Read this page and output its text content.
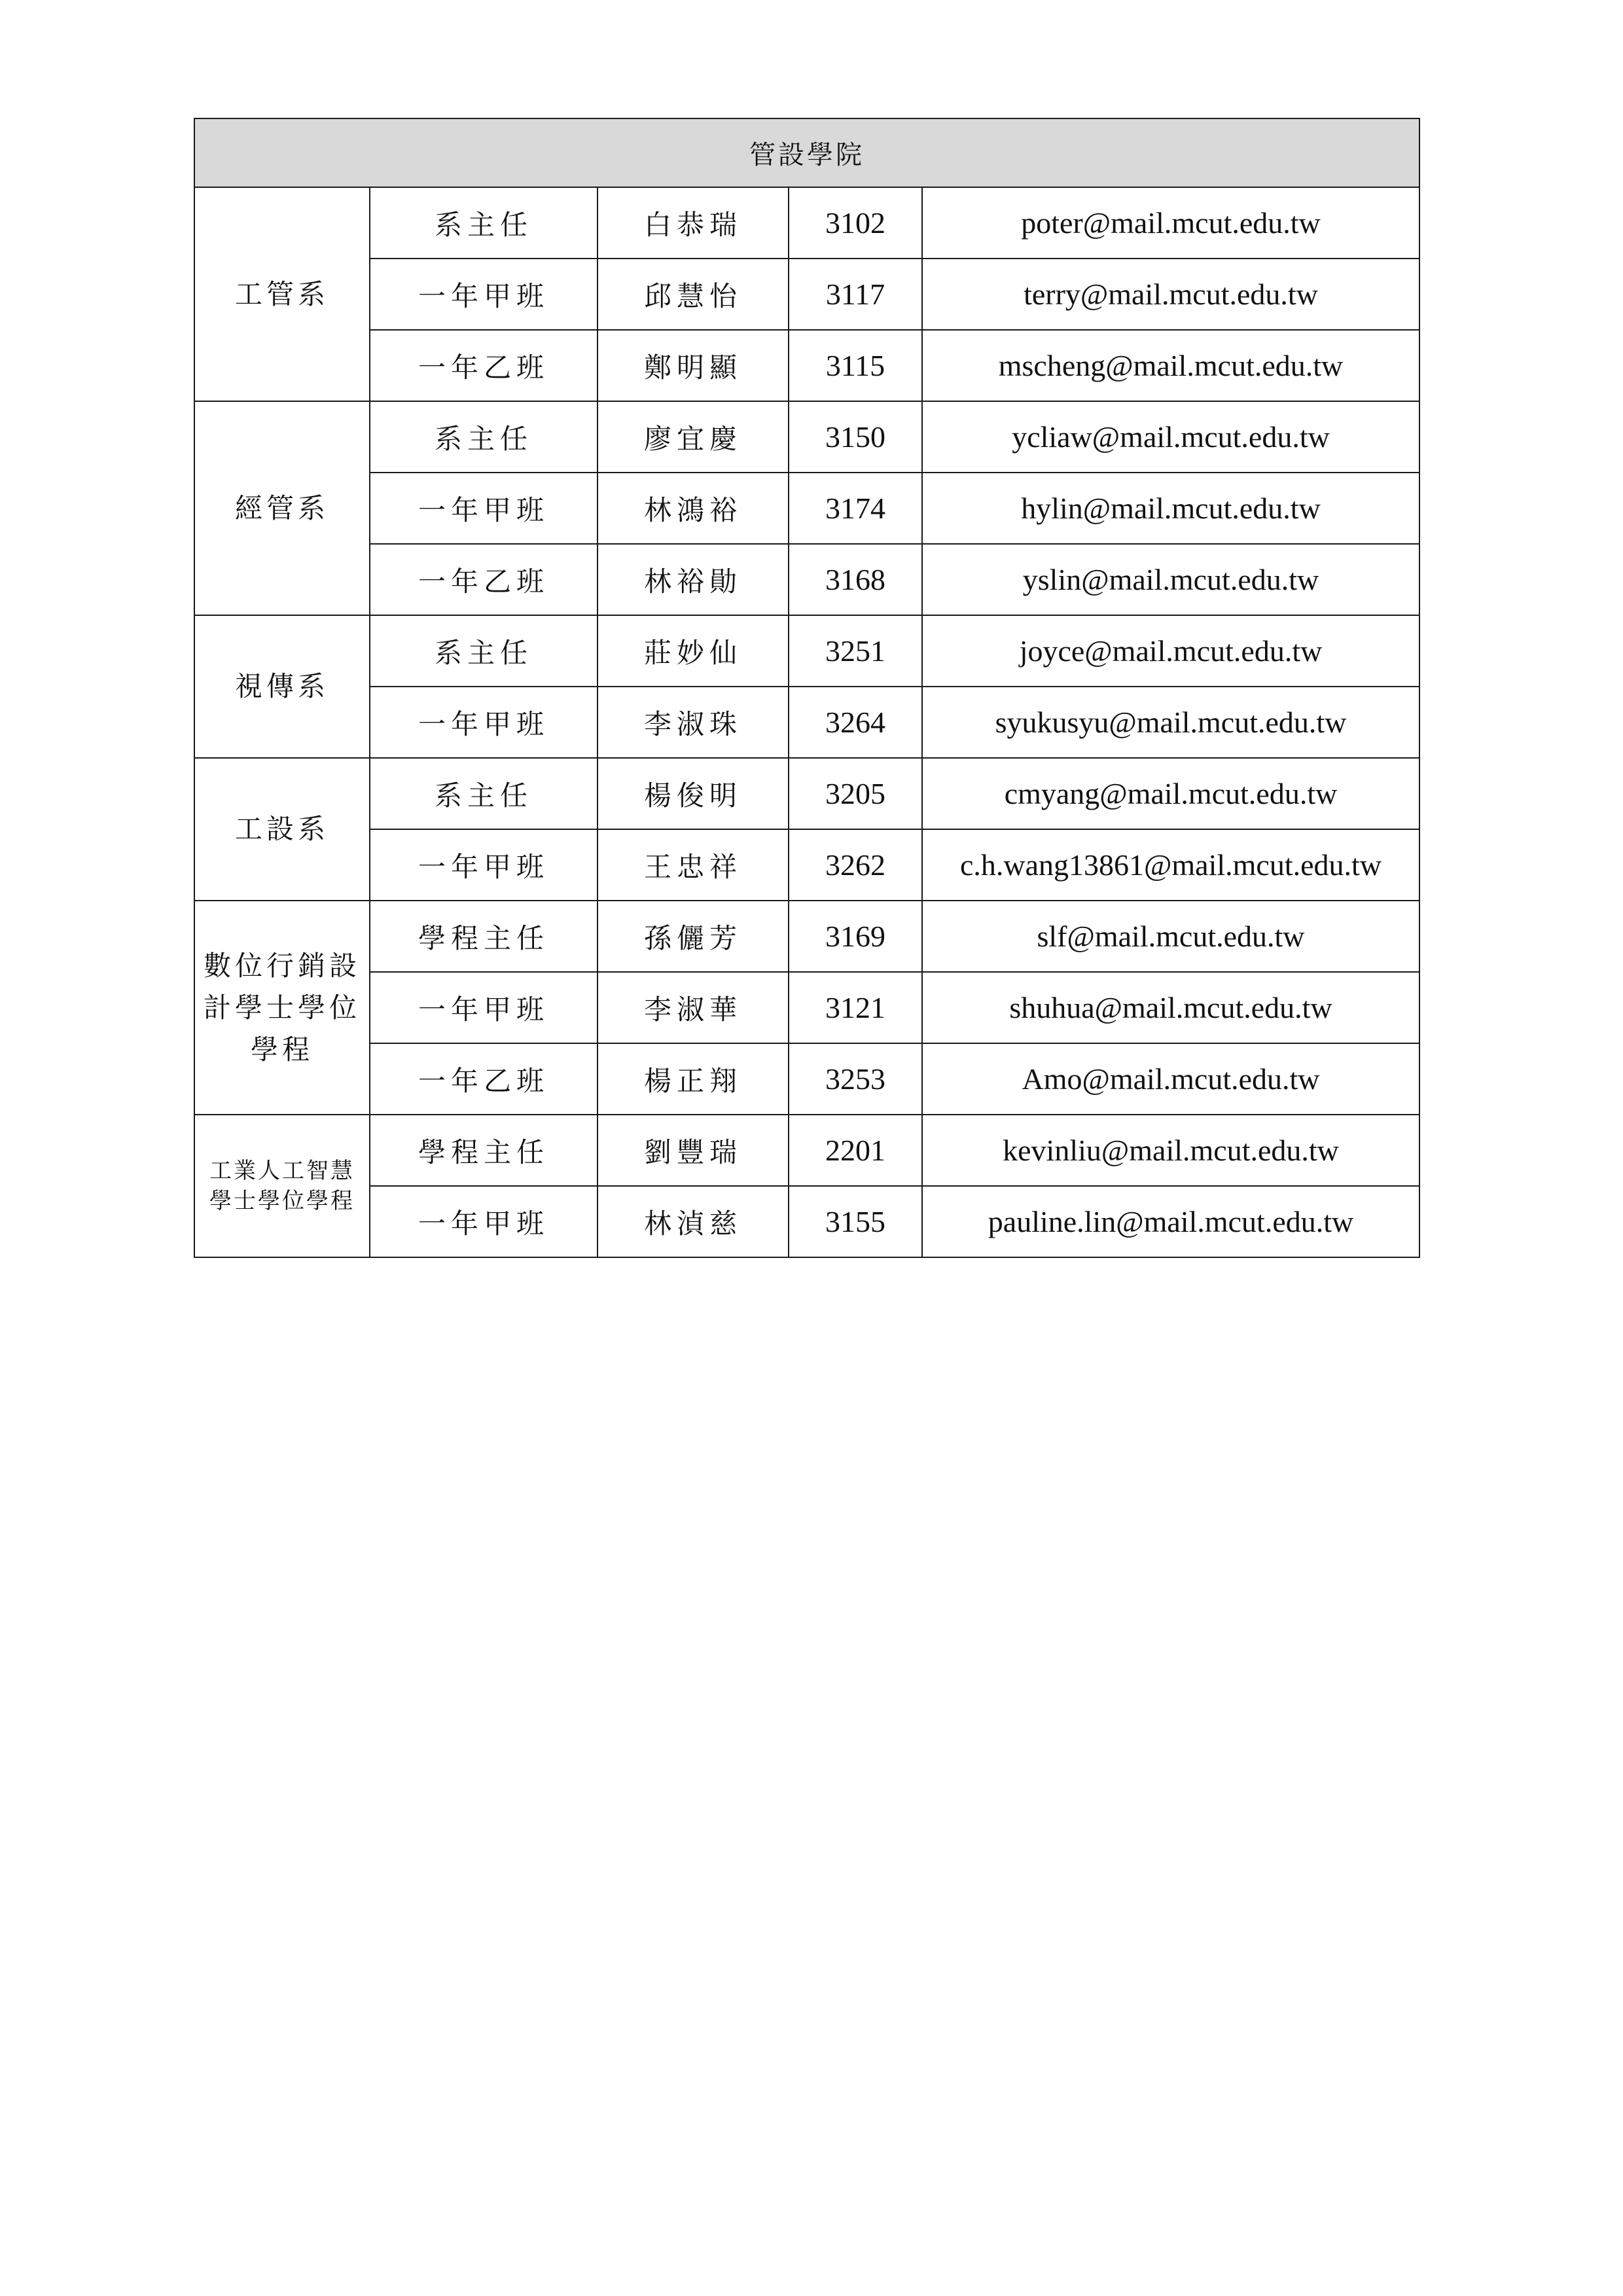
管設學院				
工管系	系主任	白恭瑞	3102	poter@mail.mcut.edu.tw
	一年甲班	邱慧怡	3117	terry@mail.mcut.edu.tw
	一年乙班	鄭明顯	3115	mscheng@mail.mcut.edu.tw
經管系	系主任	廖宜慶	3150	ycliaw@mail.mcut.edu.tw
	一年甲班	林鴻裕	3174	hylin@mail.mcut.edu.tw
	一年乙班	林裕勛	3168	yslin@mail.mcut.edu.tw
視傳系	系主任	莊妙仙	3251	joyce@mail.mcut.edu.tw
	一年甲班	李淑珠	3264	syukusyu@mail.mcut.edu.tw
工設系	系主任	楊俊明	3205	cmyang@mail.mcut.edu.tw
	一年甲班	王忠祥	3262	c.h.wang13861@mail.mcut.edu.tw
數位行銷設計學士學位學程	學程主任	孫儷芳	3169	slf@mail.mcut.edu.tw
	一年甲班	李淑華	3121	shuhua@mail.mcut.edu.tw
	一年乙班	楊正翔	3253	Amo@mail.mcut.edu.tw
工業人工智慧學士學位學程	學程主任	劉豐瑞	2201	kevinliu@mail.mcut.edu.tw
	一年甲班	林湞慈	3155	pauline.lin@mail.mcut.edu.tw
